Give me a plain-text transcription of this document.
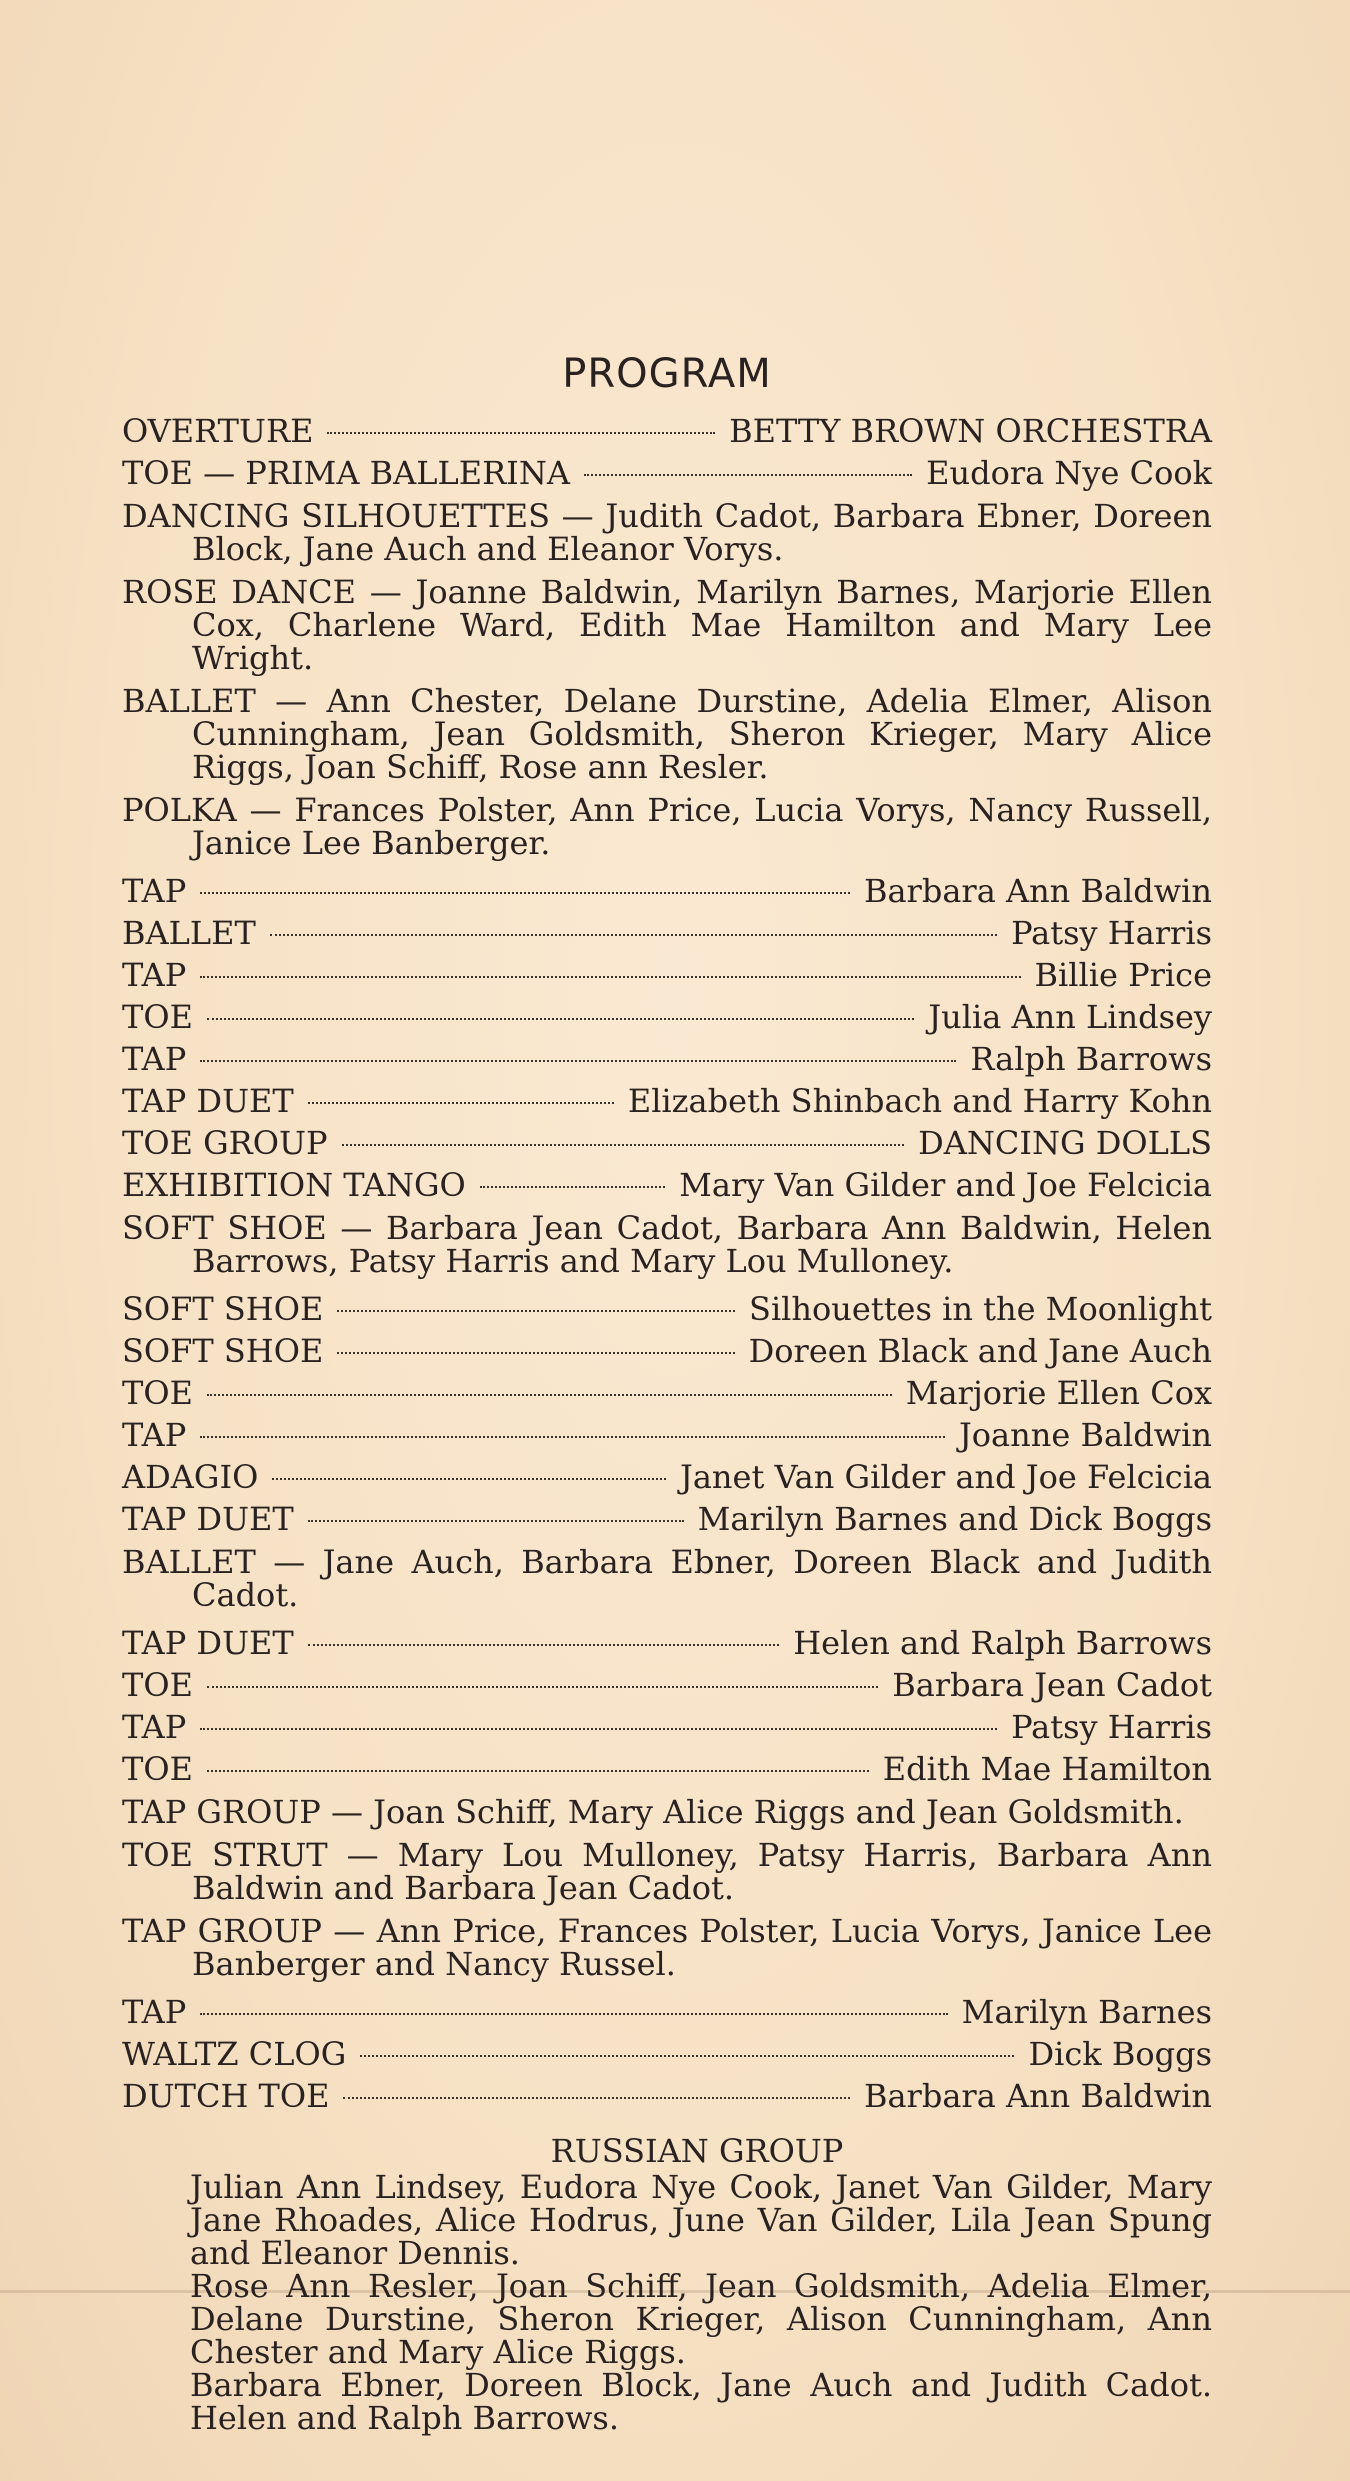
PROGRAM
OVERTURE	BETTY BROWN ORCHESTRA
TOE — PRIMA BALLERINA	Eudora Nye Cook
DANCING SILHOUETTES — Judith Cadot, Barbara Ebner, Doreen Block, Jane Auch and Eleanor Vorys.
ROSE DANCE — Joanne Baldwin, Marilyn Barnes, Marjorie Ellen Cox, Charlene Ward, Edith Mae Hamilton and Mary Lee Wright.
BALLET — Ann Chester, Delane Durstine, Adelia Elmer, Alison Cunningham, Jean Goldsmith, Sheron Krieger, Mary Alice Riggs, Joan Schiff, Rose ann Resler.
POLKA — Frances Polster, Ann Price, Lucia Vorys, Nancy Russell, Janice Lee Banberger.
TAP	Barbara Ann Baldwin
BALLET	Patsy Harris
TAP	Billie Price
TOE	Julia Ann Lindsey
TAP	Ralph Barrows
TAP DUET	Elizabeth Shinbach and Harry Kohn
TOE GROUP	DANCING DOLLS
EXHIBITION TANGO	Mary Van Gilder and Joe Felcicia
SOFT SHOE — Barbara Jean Cadot, Barbara Ann Baldwin, Helen Barrows, Patsy Harris and Mary Lou Mulloney.
SOFT SHOE	Silhouettes in the Moonlight
SOFT SHOE	Doreen Black and Jane Auch
TOE	Marjorie Ellen Cox
TAP	Joanne Baldwin
ADAGIO	Janet Van Gilder and Joe Felcicia
TAP DUET	Marilyn Barnes and Dick Boggs
BALLET — Jane Auch, Barbara Ebner, Doreen Black and Judith Cadot.
TAP DUET	Helen and Ralph Barrows
TOE	Barbara Jean Cadot
TAP	Patsy Harris
TOE	Edith Mae Hamilton
TAP GROUP — Joan Schiff, Mary Alice Riggs and Jean Goldsmith.
TOE STRUT — Mary Lou Mulloney, Patsy Harris, Barbara Ann Baldwin and Barbara Jean Cadot.
TAP GROUP — Ann Price, Frances Polster, Lucia Vorys, Janice Lee Banberger and Nancy Russel.
TAP	Marilyn Barnes
WALTZ CLOG	Dick Boggs
DUTCH TOE	Barbara Ann Baldwin
RUSSIAN GROUP

Julian Ann Lindsey, Eudora Nye Cook, Janet Van Gilder, Mary Jane Rhoades, Alice Hodrus, June Van Gilder, Lila Jean Spung and Eleanor Dennis.

Rose Ann Resler, Joan Schiff, Jean Goldsmith, Adelia Elmer, Delane Durstine, Sheron Krieger, Alison Cunningham, Ann Chester and Mary Alice Riggs.

Barbara Ebner, Doreen Block, Jane Auch and Judith Cadot. Helen and Ralph Barrows.
